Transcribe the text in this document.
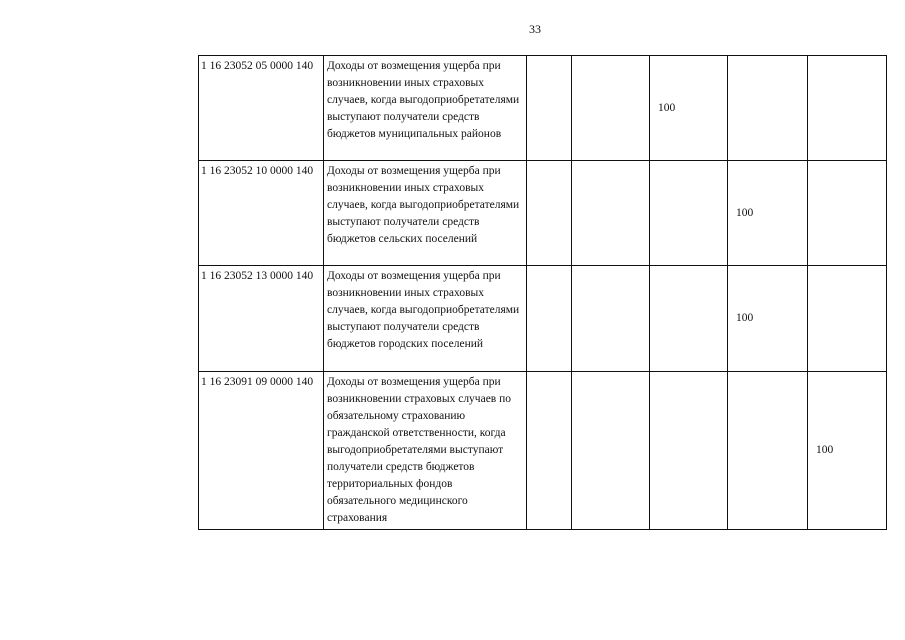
33
1 16 23052 05 0000 140	Доходы от возмещения ущерба при возникновении иных страховых случаев, когда выгодоприобретателями выступают получатели средств бюджетов муниципальных районов			100		
1 16 23052 10 0000 140	Доходы от возмещения ущерба при возникновении иных страховых случаев, когда выгодоприобретателями выступают получатели средств бюджетов сельских поселений				100	
1 16 23052 13 0000 140	Доходы от возмещения ущерба при возникновении иных страховых случаев, когда выгодоприобретателями выступают получатели средств бюджетов городских поселений				100	
1 16 23091 09 0000 140	Доходы от возмещения ущерба при возникновении страховых случаев по обязательному страхованию гражданской ответственности, когда выгодоприобретателями выступают получатели средств бюджетов территориальных фондов обязательного медицинского страхования					100
